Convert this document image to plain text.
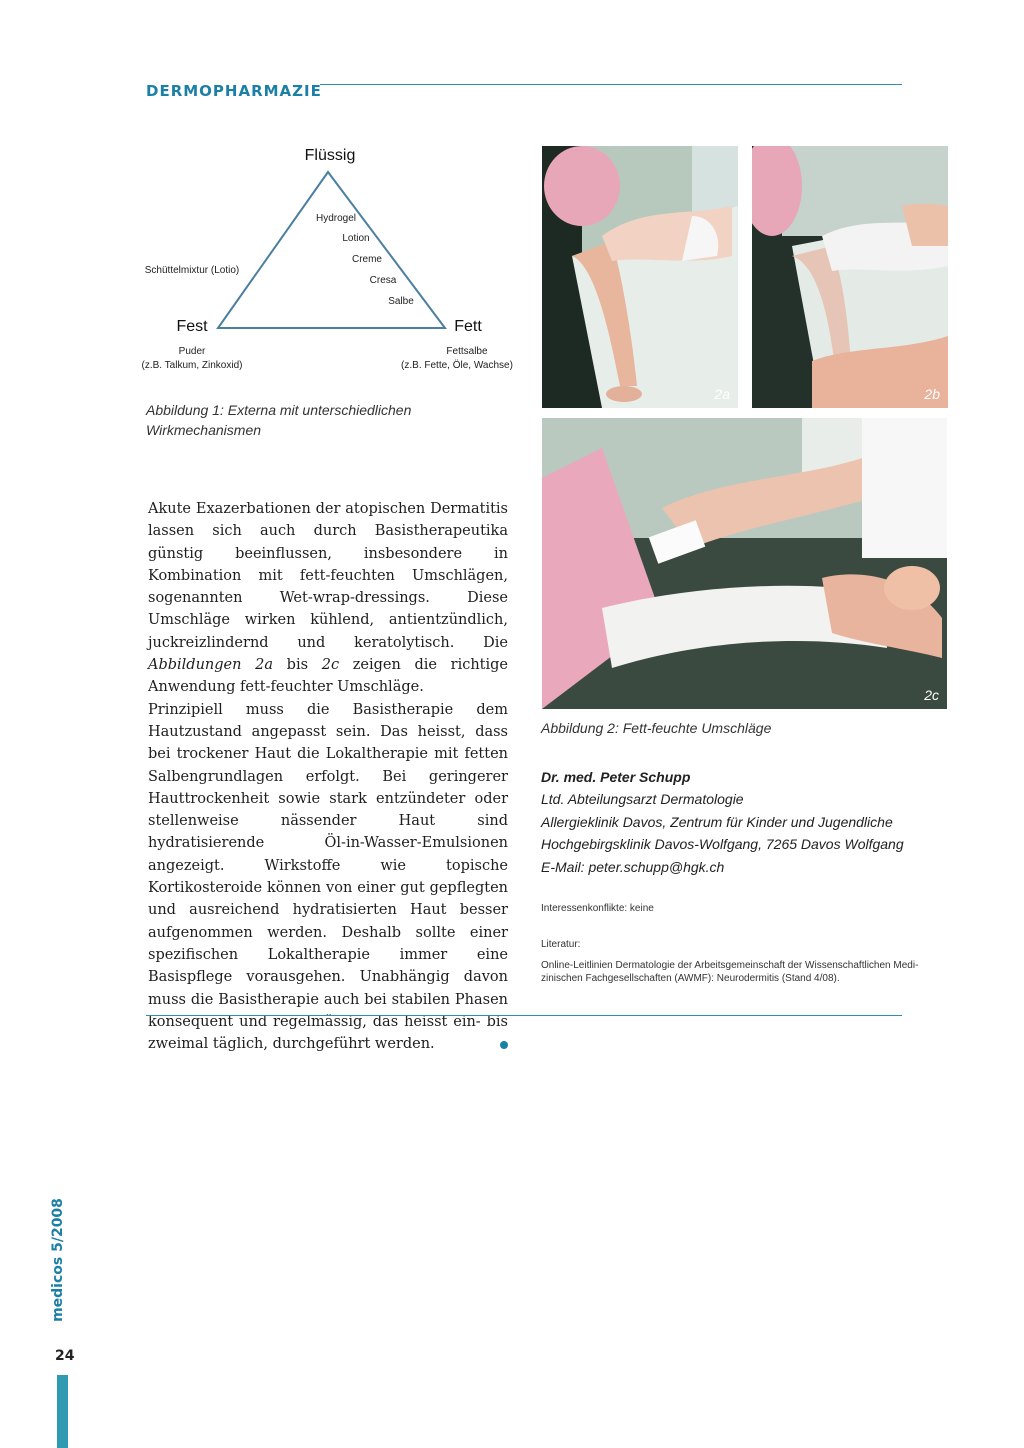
DERMOPHARMAZIE
Flüssig
Fest	Fett
Schüttelmixtur (Lotio)
Hydrogel
Lotion
Creme
Cresa
Salbe
Puder
(z.B. Talkum, Zinkoxid)
Fettsalbe
(z.B. Fette, Öle, Wachse)
Abbildung 1: Externa mit unterschiedlichen
Wirkmechanismen

Akute Exazerbationen der atopischen Dermatitis lassen sich auch durch Basistherapeutika günstig beeinflussen, insbesondere in Kombination mit fett-feuchten Umschlägen, sogenannten Wet-wrap-dressings. Diese Umschläge wirken kühlend, antientzündlich, juckreizlindernd und keratolytisch. Die Abbildungen 2a bis 2c zeigen die richtige Anwendung fett-feuchter Umschläge.

Prinzipiell muss die Basistherapie dem Hautzustand angepasst sein. Das heisst, dass bei trockener Haut die Lokaltherapie mit fetten Salbengrundlagen erfolgt. Bei geringerer Hauttrockenheit sowie stark entzündeter oder stellenweise nässender Haut sind hydratisierende Öl-in-Wasser-Emulsionen angezeigt. Wirkstoffe wie topische Kortikosteroide können von einer gut gepflegten und ausreichend hydratisierten Haut besser aufgenommen werden. Deshalb sollte einer spezifischen Lokaltherapie immer eine Basispflege vorausgehen. Unabhängig davon muss die Basistherapie auch bei stabilen Phasen konsequent und regelmässig, das heisst ein- bis zweimal täglich, durchgeführt werden.

2a	2b
2c
Abbildung 2: Fett-feuchte Umschläge
Dr. med. Peter Schupp
Ltd. Abteilungsarzt Dermatologie
Allergieklinik Davos, Zentrum für Kinder und Jugendliche
Hochgebirgsklinik Davos-Wolfgang, 7265 Davos Wolfgang
E-Mail: peter.schupp@hgk.ch
Interessenkonflikte: keine
Literatur:
Online-Leitlinien Dermatologie der Arbeitsgemeinschaft der Wissenschaftlichen Medi-
zinischen Fachgesellschaften (AWMF): Neurodermitis (Stand 4/08).
medicos 5/2008
24
